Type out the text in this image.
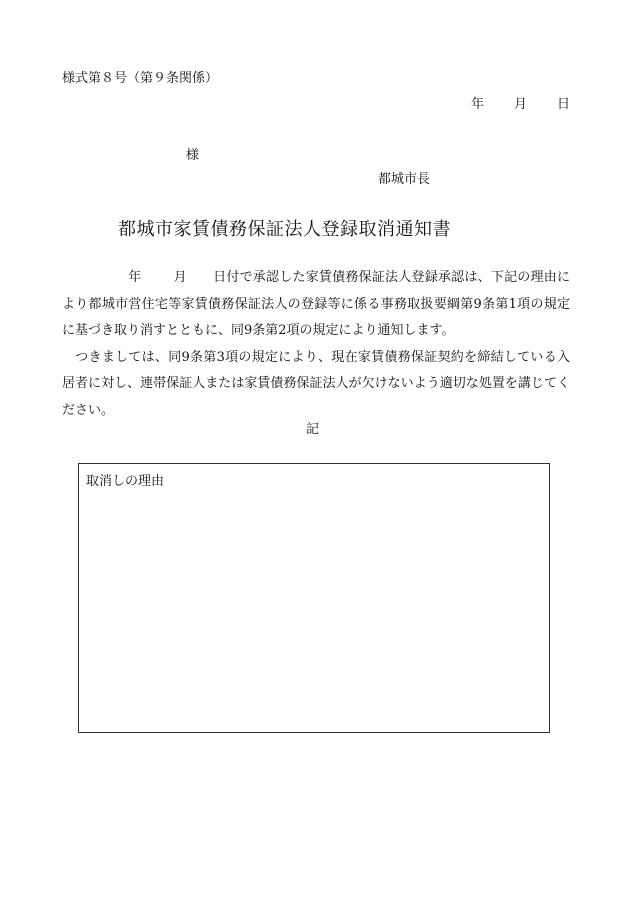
様式第８号（第９条関係）
年 月 日
様
都城市長
都城市家賃債務保証法人登録取消通知書

年 月 日付で承認した家賃債務保証法人登録承認は、下記の理由により都城市営住宅等家賃債務保証法人の登録等に係る事務取扱要綱第9条第1項の規定に基づき取り消すとともに、同9条第2項の規定により通知します。

　つきましては、同9条第3項の規定により、現在家賃債務保証契約を締結している入居者に対し、連帯保証人または家賃債務保証法人が欠けないよう適切な処置を講じてください。

記
取消しの理由
